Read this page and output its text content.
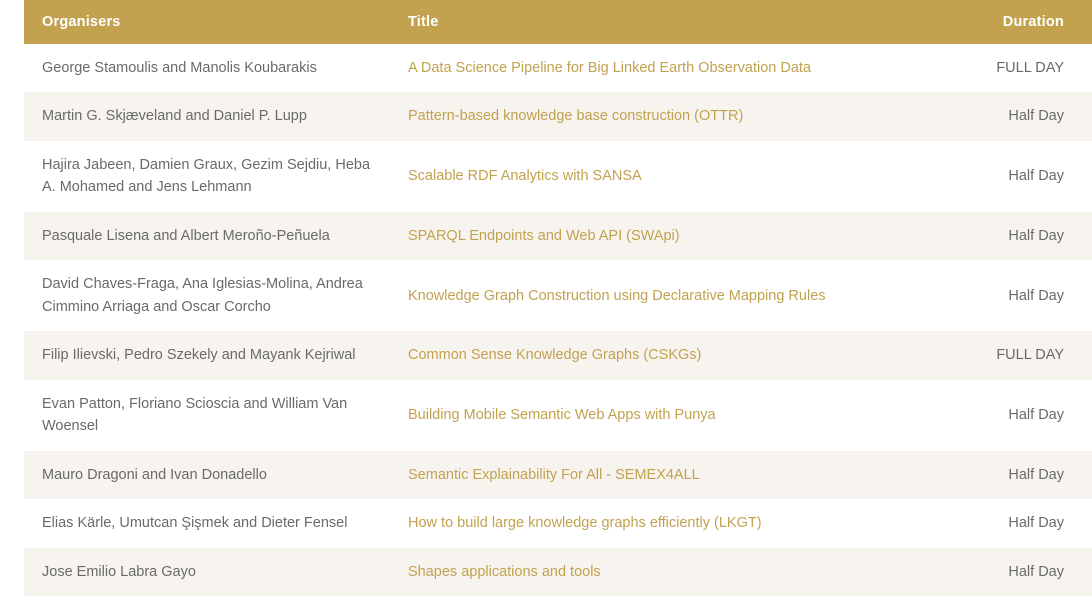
Organisers	Title	Duration
George Stamoulis and Manolis Koubarakis	A Data Science Pipeline for Big Linked Earth Observation Data	FULL DAY
Martin G. Skjæveland and Daniel P. Lupp	Pattern-based knowledge base construction (OTTR)	Half Day
Hajira Jabeen, Damien Graux, Gezim Sejdiu, Heba A. Mohamed and Jens Lehmann	Scalable RDF Analytics with SANSA	Half Day
Pasquale Lisena and Albert Meroño-Peñuela	SPARQL Endpoints and Web API (SWApi)	Half Day
David Chaves-Fraga, Ana Iglesias-Molina, Andrea Cimmino Arriaga and Oscar Corcho	Knowledge Graph Construction using Declarative Mapping Rules	Half Day
Filip Ilievski, Pedro Szekely and Mayank Kejriwal	Common Sense Knowledge Graphs (CSKGs)	FULL DAY
Evan Patton, Floriano Scioscia and William Van Woensel	Building Mobile Semantic Web Apps with Punya	Half Day
Mauro Dragoni and Ivan Donadello	Semantic Explainability For All - SEMEX4ALL	Half Day
Elias Kärle, Umutcan Şişmek and Dieter Fensel	How to build large knowledge graphs efficiently (LKGT)	Half Day
Jose Emilio Labra Gayo	Shapes applications and tools	Half Day
